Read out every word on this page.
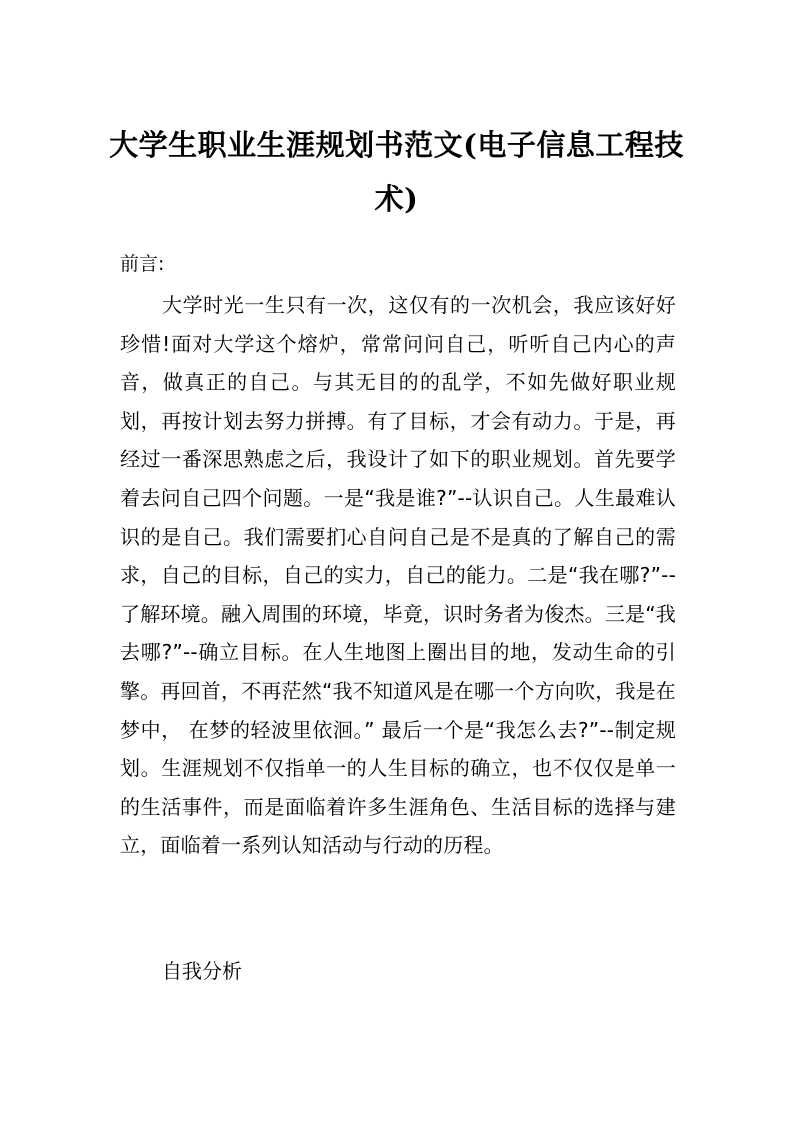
大学生职业生涯规划书范文(电子信息工程技术)
前言:

大学时光一生只有一次，这仅有的一次机会，我应该好好珍惜!面对大学这个熔炉，常常问问自己，听听自己内心的声音，做真正的自己。与其无目的的乱学，不如先做好职业规划，再按计划去努力拼搏。有了目标，才会有动力。于是，再经过一番深思熟虑之后，我设计了如下的职业规划。首先要学着去问自己四个问题。一是“我是谁?”--认识自己。人生最难认识的是自己。我们需要扪心自问自己是不是真的了解自己的需求，自己的目标，自己的实力，自己的能力。二是“我在哪?”--了解环境。融入周围的环境，毕竟，识时务者为俊杰。三是“我去哪?”--确立目标。在人生地图上圈出目的地，发动生命的引擎。再回首，不再茫然“我不知道风是在哪一个方向吹，我是在梦中， 在梦的轻波里依洄。” 最后一个是“我怎么去?”--制定规划。生涯规划不仅指单一的人生目标的确立，也不仅仅是单一的生活事件，而是面临着许多生涯角色、生活目标的选择与建立，面临着一系列认知活动与行动的历程。

自我分析
